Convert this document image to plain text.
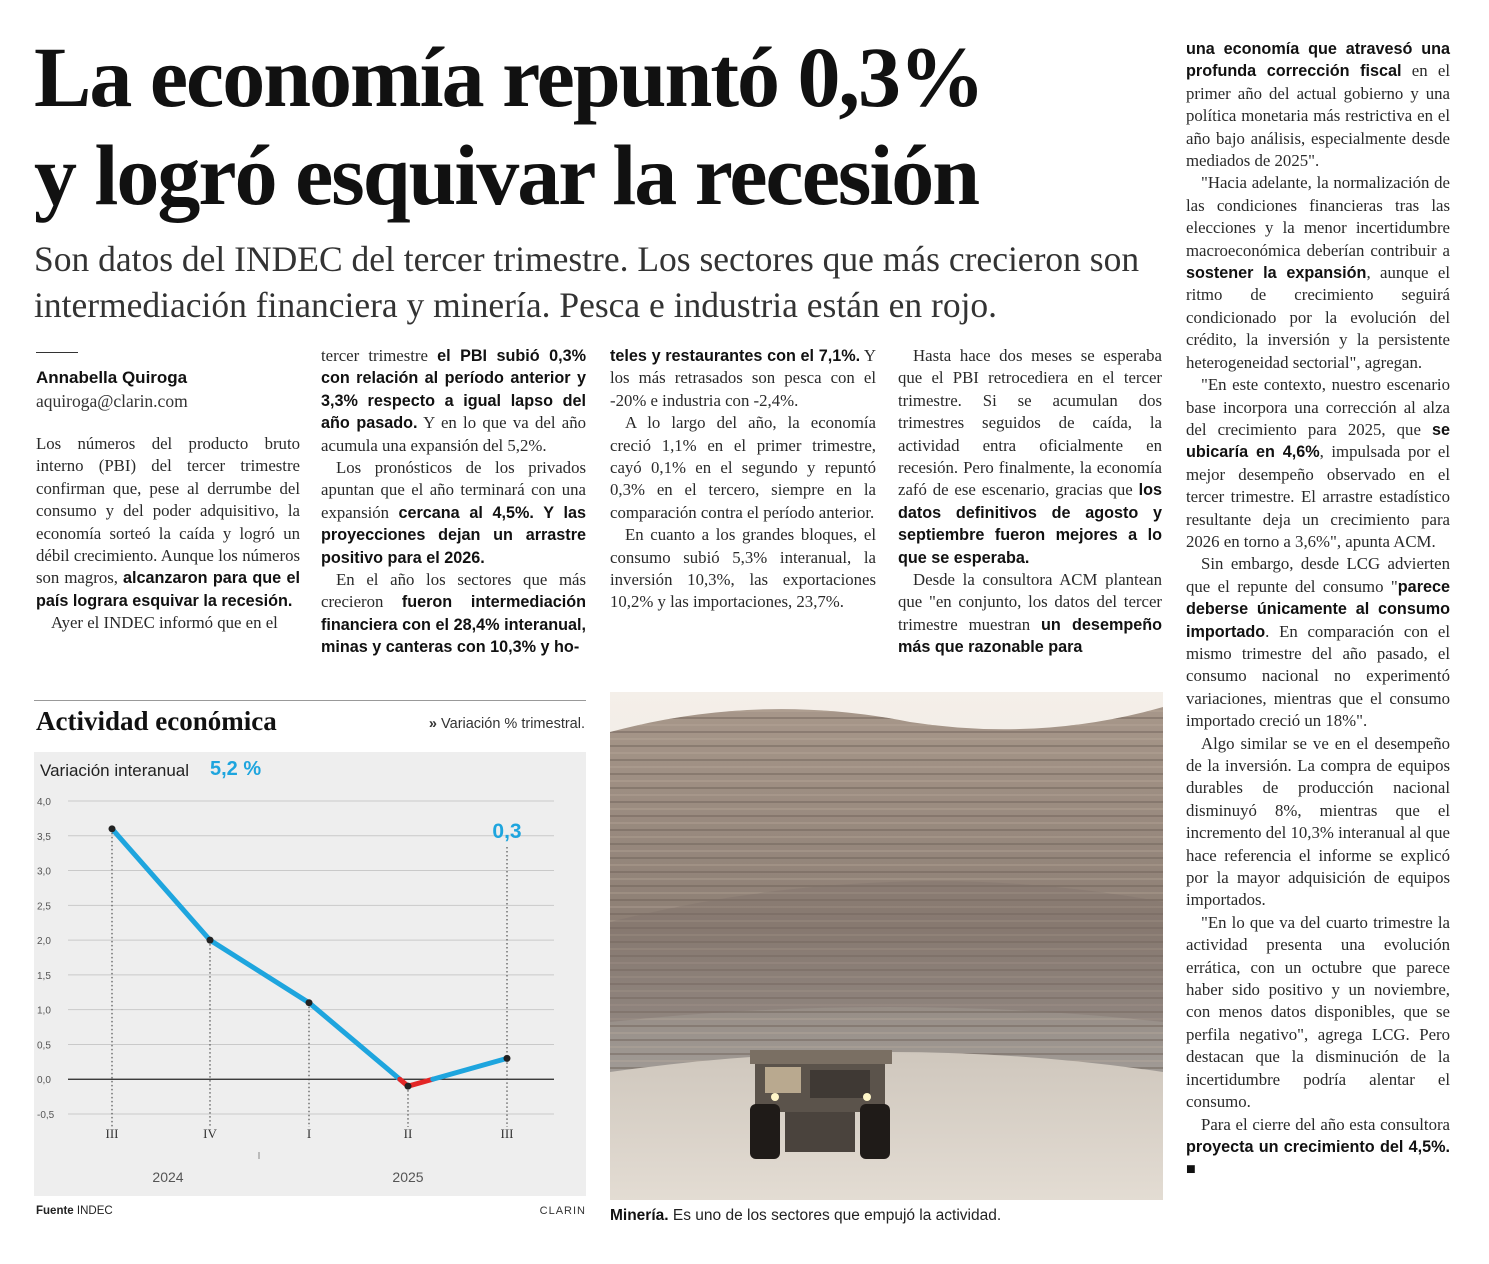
La economía repuntó 0,3%
y logró esquivar la recesión
Son datos del INDEC del tercer trimestre. Los sectores que más crecieron son
intermediación financiera y minería. Pesca e industria están en rojo.
Annabella Quiroga
aquiroga@clarin.com

Los números del producto bruto interno (PBI) del tercer trimestre confirman que, pese al derrumbe del consumo y del poder adquisitivo, la economía sorteó la caída y logró un débil crecimiento. Aunque los números son magros, alcanzaron para que el país lograra esquivar la recesión.

Ayer el INDEC informó que en el

tercer trimestre el PBI subió 0,3% con relación al período anterior y 3,3% respecto a igual lapso del año pasado. Y en lo que va del año acumula una expansión del 5,2%.

Los pronósticos de los privados apuntan que el año terminará con una expansión cercana al 4,5%. Y las proyecciones dejan un arrastre positivo para el 2026.

En el año los sectores que más crecieron fueron intermediación financiera con el 28,4% interanual, minas y canteras con 10,3% y ho-

teles y restaurantes con el 7,1%. Y los más retrasados son pesca con el -20% e industria con -2,4%.

A lo largo del año, la economía creció 1,1% en el primer trimestre, cayó 0,1% en el segundo y repuntó 0,3% en el tercero, siempre en la comparación contra el período anterior.

En cuanto a los grandes bloques, el consumo subió 5,3% interanual, la inversión 10,3%, las exportaciones 10,2% y las importaciones, 23,7%.

Hasta hace dos meses se esperaba que el PBI retrocediera en el tercer trimestre. Si se acumulan dos trimestres seguidos de caída, la actividad entra oficialmente en recesión. Pero finalmente, la economía zafó de ese escenario, gracias que los datos definitivos de agosto y septiembre fueron mejores a lo que se esperaba.

Desde la consultora ACM plantean que "en conjunto, los datos del tercer trimestre muestran un desempeño más que razonable para

una economía que atravesó una profunda corrección fiscal en el primer año del actual gobierno y una política monetaria más restrictiva en el año bajo análisis, especialmente desde mediados de 2025".

"Hacia adelante, la normalización de las condiciones financieras tras las elecciones y la menor incertidumbre macroeconómica deberían contribuir a sostener la expansión, aunque el ritmo de crecimiento seguirá condicionado por la evolución del crédito, la inversión y la persistente heterogeneidad sectorial", agregan.

"En este contexto, nuestro escenario base incorpora una corrección al alza del crecimiento para 2025, que se ubicaría en 4,6%, impulsada por el mejor desempeño observado en el tercer trimestre. El arrastre estadístico resultante deja un crecimiento para 2026 en torno a 3,6%", apunta ACM.

Sin embargo, desde LCG advierten que el repunte del consumo "parece deberse únicamente al consumo importado. En comparación con el mismo trimestre del año pasado, el consumo nacional no experimentó variaciones, mientras que el consumo importado creció un 18%".

Algo similar se ve en el desempeño de la inversión. La compra de equipos durables de producción nacional disminuyó 8%, mientras que el incremento del 10,3% interanual al que hace referencia el informe se explicó por la mayor adquisición de equipos importados.

"En lo que va del cuarto trimestre la actividad presenta una evolución errática, con un octubre que parece haber sido positivo y un noviembre, con menos datos disponibles, que se perfila negativo", agrega LCG. Pero destacan que la disminución de la incertidumbre podría alentar el consumo.

Para el cierre del año esta consultora proyecta un crecimiento del 4,5%. ■

Actividad económica	» Variación % trimestral.
Variación interanual 5,2 %
4,0
3,5
3,0
2,5
2,0
1,5
1,0
0,5
0,0
-0,5
III	IV	I	II	III
2024	2025
0,3
Fuente INDEC	CLARIN Minería. Es uno de los sectores que empujó la actividad.
